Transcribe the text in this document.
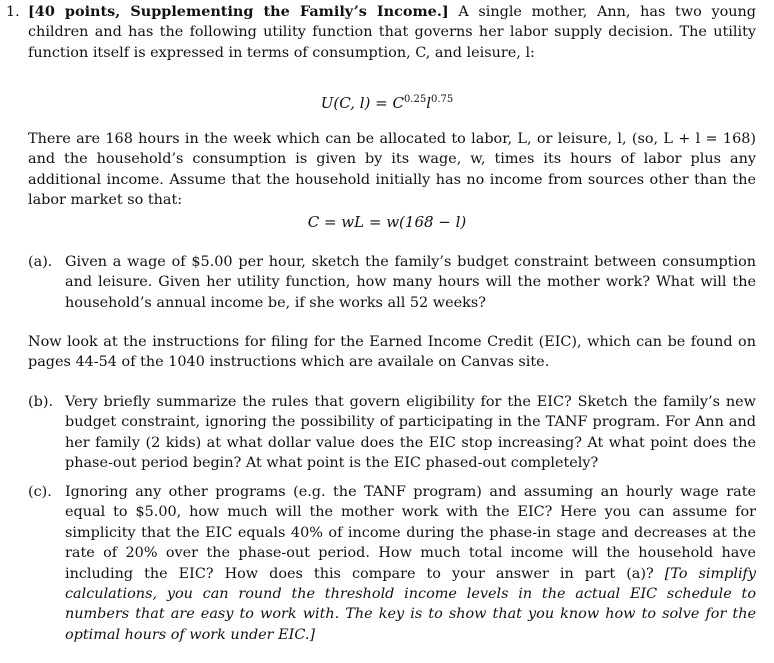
1. [40 points, Supplementing the Family’s Income.] A single mother, Ann, has two young children and has the following utility function that governs her labor supply decision. The utility function itself is expressed in terms of consumption, C, and leisure, l:
U(C, $l) = C^{0.25}l^{0.75}$
There are 168 hours in the week which can be allocated to labor, L, or leisure, l, (so, L + l = 168) and the household’s consumption is given by its wage, w, times its hours of labor plus any additional income. Assume that the household initially has no income from sources other than the labor market so that:
C = wL = w(168 − l)
(a). Given a wage of $5.00 per hour, sketch the family’s budget constraint between consumption and leisure. Given her utility function, how many hours will the mother work? What will the household’s annual income be, if she works all 52 weeks?
Now look at the instructions for filing for the Earned Income Credit (EIC), which can be found on pages 44-54 of the 1040 instructions which are availale on Canvas site.
(b). Very briefly summarize the rules that govern eligibility for the EIC? Sketch the family’s new budget constraint, ignoring the possibility of participating in the TANF program. For Ann and her family (2 kids) at what dollar value does the EIC stop increasing? At what point does the phase-out period begin? At what point is the EIC phased-out completely?
(c). Ignoring any other programs (e.g. the TANF program) and assuming an hourly wage rate equal to $5.00, how much will the mother work with the EIC? Here you can assume for simplicity that the EIC equals 40% of income during the phase-in stage and decreases at the rate of 20% over the phase-out period. How much total income will the household have including the EIC? How does this compare to your answer in part (a)? [To simplify calculations, you can round the threshold income levels in the actual EIC schedule to numbers that are easy to work with. The key is to show that you know how to solve for the optimal hours of work under EIC.]
